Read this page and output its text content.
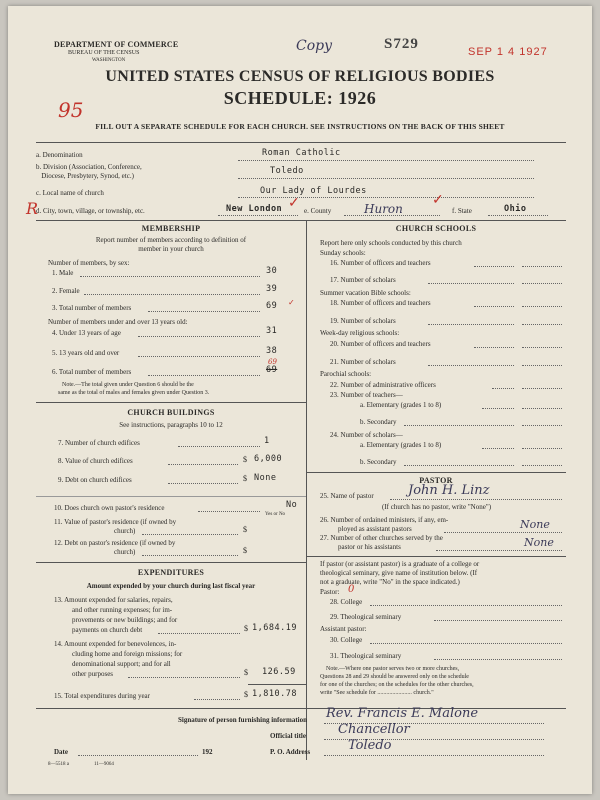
DEPARTMENT OF COMMERCE
BUREAU OF THE CENSUS
WASHINGTON
Copy	S729	SEP 1 4 1927
UNITED STATES CENSUS OF RELIGIOUS BODIES
SCHEDULE: 1926
95
FILL OUT A SEPARATE SCHEDULE FOR EACH CHURCH. SEE INSTRUCTIONS ON THE BACK OF THIS SHEET
a. Denomination	Roman Catholic
b. Division (Association, Conference,
Diocese, Presbytery, Synod, etc.)	Toledo
c. Local name of church	Our Lady of Lourdes
R
d. City, town, village, or township, etc.	New London ✓ e. County	Huron
✓
f. State	Ohio
MEMBERSHIP
Report number of members according to definition of
member in your church
Number of members, by sex:
1. Male	30
2. Female	39
3. Total number of members	69 ✓
Number of members under and over 13 years old:
4. Under 13 years of age	31
5. 13 years old and over	38
69
6. Total number of members	69
Note.—The total given under Question 6 should be the
same as the total of males and females given under Question 3.
CHURCH BUILDINGS
See instructions, paragraphs 10 to 12
7. Number of church edifices	1
8. Value of church edifices	$ 6,000
9. Debt on church edifices	$ None
10. Does church own pastor's residence	No
Yes or No
11. Value of pastor's residence (if owned by
church)	$
12. Debt on pastor's residence (if owned by
church)	$
EXPENDITURES
Amount expended by your church during last fiscal year
13. Amount expended for salaries, repairs,
and other running expenses; for im-
provements or new buildings; and for
payments on church debt	$ 1,684.19
14. Amount expended for benevolences, in-
cluding home and foreign missions; for
denominational support; and for all
other purposes	$ 126.59
15. Total expenditures during year	$ 1,810.78
CHURCH SCHOOLS
Report here only schools conducted by this church
Sunday schools:
16. Number of officers and teachers
17. Number of scholars
Summer vacation Bible schools:
18. Number of officers and teachers
19. Number of scholars
Week-day religious schools:
20. Number of officers and teachers
21. Number of scholars
Parochial schools:
22. Number of administrative officers
23. Number of teachers—
a. Elementary (grades 1 to 8)
b. Secondary
24. Number of scholars—
a. Elementary (grades 1 to 8)
b. Secondary
PASTOR
25. Name of pastor	John H. Linz
(If church has no pastor, write "None")
26. Number of ordained ministers, if any, em-
ployed as assistant pastors	None
27. Number of other churches served by the
pastor or his assistants	None
If pastor (or assistant pastor) is a graduate of a college or
theological seminary, give name of institution below. (If
not a graduate, write "No" in the space indicated.)
Pastor: 0
28. College
29. Theological seminary
Assistant pastor:
30. College
31. Theological seminary
Note.—Where one pastor serves two or more churches,
Questions 28 and 29 should be answered only on the schedule
for one of the churches; on the schedules for the other churches,
write "See schedule for ....................... church."
Signature of person furnishing information Rev. Francis E. Malone
Official title Chancellor
Date	192	P. O. Address	Toledo
8—5518 a	11—9064
